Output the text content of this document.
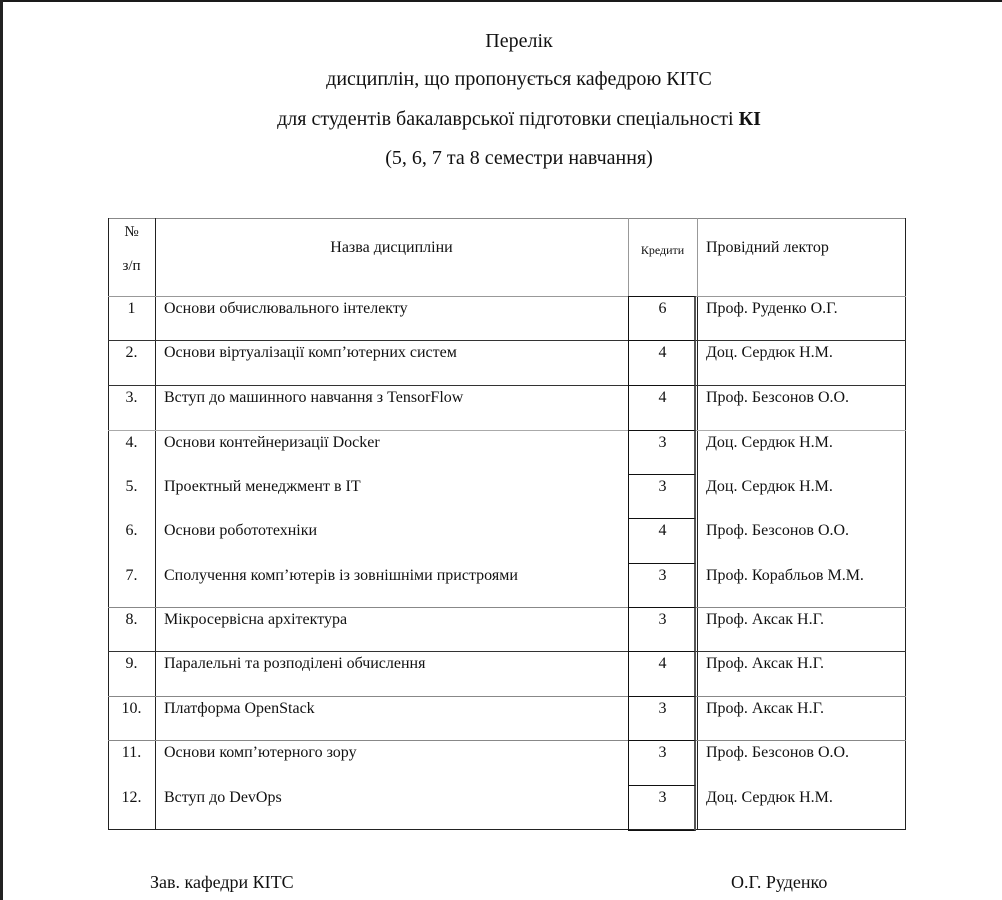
Перелік
дисциплін, що пропонується кафедрою КІТС
для студентів бакалаврської підготовки спеціальності КІ
(5, 6, 7 та 8 семестри навчання)
№
з/п
Назва дисципліни	Кредити	Провідний лектор
1	Основи обчислювального інтелекту	6	Проф. Руденко О.Г.
2.	Основи віртуалізації комп’ютерних систем	4	Доц. Сердюк Н.М.
3.	Вступ до машинного навчання з TensorFlow	4	Проф. Безсонов О.О.
4.	Основи контейнеризації Docker	3	Доц. Сердюк Н.М.
5.	Проектный менеджмент в IT	3	Доц. Сердюк Н.М.
6.	Основи робототехніки	4	Проф. Безсонов О.О.
7.	Сполучення комп’ютерів із зовнішніми пристроями	3	Проф. Корабльов М.М.
8.	Мікросервісна архітектура	3	Проф. Аксак Н.Г.
9.	Паралельні та розподілені обчислення	4	Проф. Аксак Н.Г.
10.	Платформа OpenStack	3	Проф. Аксак Н.Г.
11.	Основи комп’ютерного зору	3	Проф. Безсонов О.О.
12.	Вступ до DevOps	3	Доц. Сердюк Н.М.
Зав. кафедри КІТС	О.Г. Руденко
